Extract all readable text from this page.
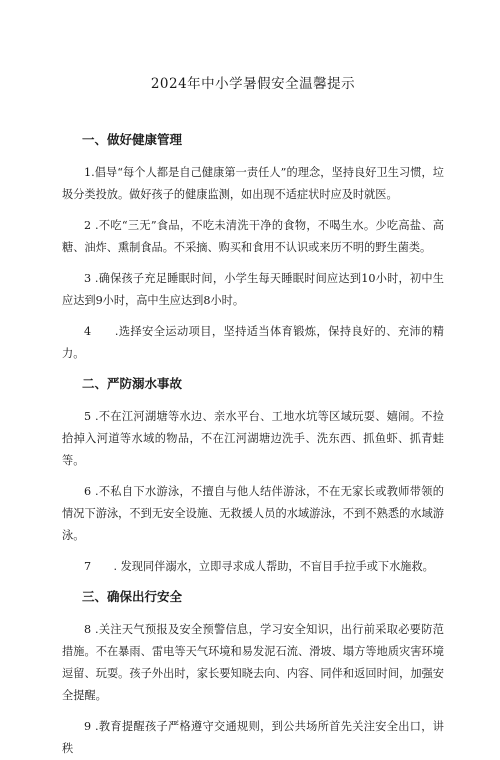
2024年中小学暑假安全温馨提示
一、做好健康管理

1.倡导“每个人都是自己健康第一责任人”的理念，坚持良好卫生习惯，垃圾分类投放。做好孩子的健康监测，如出现不适症状时应及时就医。

2 .不吃“三无”食品，不吃未清洗干净的食物，不喝生水。少吃高盐、高糖、油炸、熏制食品。不采摘、购买和食用不认识或来历不明的野生菌类。

3 .确保孩子充足睡眠时间，小学生每天睡眠时间应达到10小时，初中生应达到9小时，高中生应达到8小时。

4　　.选择安全运动项目，坚持适当体育锻炼，保持良好的、充沛的精力。

二、严防溺水事故

5 .不在江河湖塘等水边、亲水平台、工地水坑等区域玩耍、嬉闹。不捡拾掉入河道等水域的物品，不在江河湖塘边洗手、洗东西、抓鱼虾、抓青蛙等。

6 .不私自下水游泳，不擅自与他人结伴游泳，不在无家长或教师带领的情况下游泳，不到无安全设施、无救援人员的水域游泳，不到不熟悉的水域游泳。

7　　. 发现同伴溺水，立即寻求成人帮助，不盲目手拉手或下水施救。

三、确保出行安全

8 .关注天气预报及安全预警信息，学习安全知识，出行前采取必要防范措施。不在暴雨、雷电等天气环境和易发泥石流、滑坡、塌方等地质灾害环境逗留、玩耍。孩子外出时，家长要知晓去向、内容、同伴和返回时间，加强安全提醒。

9 .教育提醒孩子严格遵守交通规则，到公共场所首先关注安全出口，讲秩
